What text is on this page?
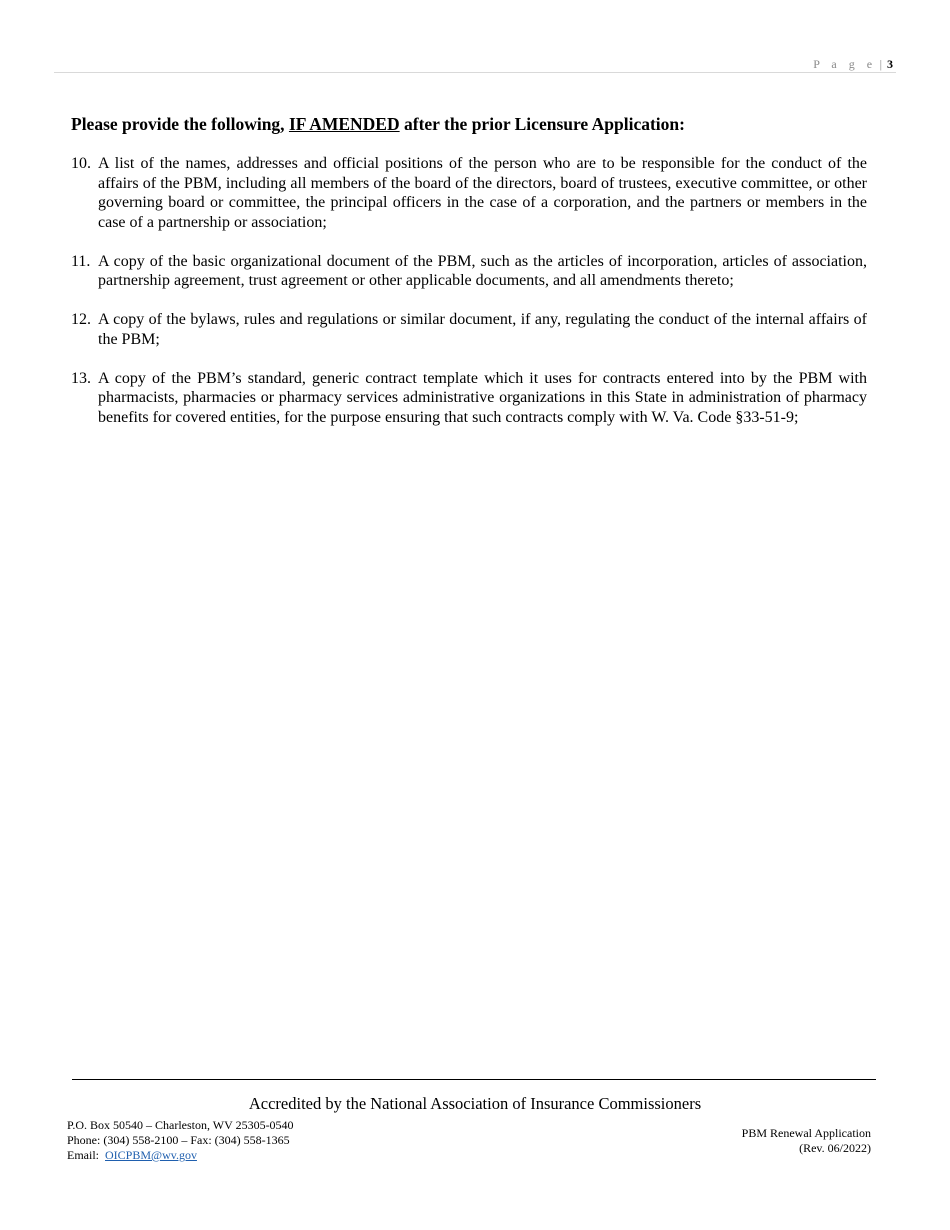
P a g e | 3
Please provide the following, IF AMENDED after the prior Licensure Application:
10. A list of the names, addresses and official positions of the person who are to be responsible for the conduct of the affairs of the PBM, including all members of the board of the directors, board of trustees, executive committee, or other governing board or committee, the principal officers in the case of a corporation, and the partners or members in the case of a partnership or association;
11. A copy of the basic organizational document of the PBM, such as the articles of incorporation, articles of association, partnership agreement, trust agreement or other applicable documents, and all amendments thereto;
12. A copy of the bylaws, rules and regulations or similar document, if any, regulating the conduct of the internal affairs of the PBM;
13. A copy of the PBM’s standard, generic contract template which it uses for contracts entered into by the PBM with pharmacists, pharmacies or pharmacy services administrative organizations in this State in administration of pharmacy benefits for covered entities, for the purpose ensuring that such contracts comply with W. Va. Code §33-51-9;
Accredited by the National Association of Insurance Commissioners
P.O. Box 50540 – Charleston, WV 25305-0540
Phone: (304) 558-2100 – Fax: (304) 558-1365
Email: OICPBM@wv.gov
PBM Renewal Application
(Rev. 06/2022)
